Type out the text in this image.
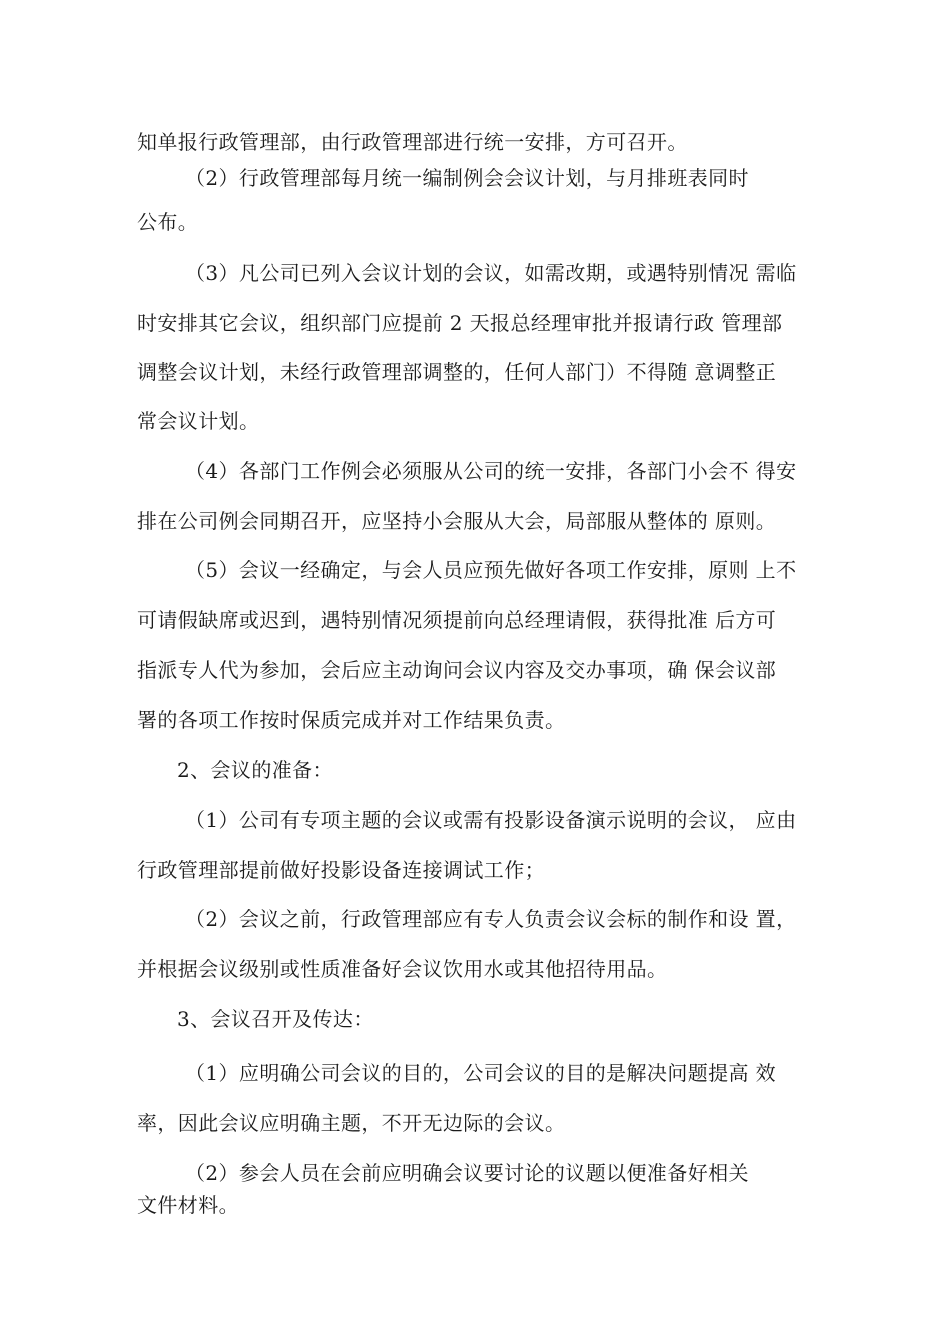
知单报行政管理部，由行政管理部进行统一安排，方可召开。
（2）行政管理部每月统一编制例会会议计划，与月排班表同时
公布。
（3）凡公司已列入会议计划的会议，如需改期，或遇特别情况 需临
时安排其它会议，组织部门应提前 2 天报总经理审批并报请行政 管理部
调整会议计划，未经行政管理部调整的，任何人部门）不得随 意调整正
常会议计划。
（4）各部门工作例会必须服从公司的统一安排，各部门小会不 得安
排在公司例会同期召开，应坚持小会服从大会，局部服从整体的 原则。
（5）会议一经确定，与会人员应预先做好各项工作安排，原则 上不
可请假缺席或迟到，遇特别情况须提前向总经理请假，获得批准 后方可
指派专人代为参加，会后应主动询问会议内容及交办事项，确 保会议部
署的各项工作按时保质完成并对工作结果负责。
2、会议的准备：
（1）公司有专项主题的会议或需有投影设备演示说明的会议， 应由
行政管理部提前做好投影设备连接调试工作；
（2）会议之前，行政管理部应有专人负责会议会标的制作和设 置，
并根据会议级别或性质准备好会议饮用水或其他招待用品。
3、会议召开及传达：
（1）应明确公司会议的目的，公司会议的目的是解决问题提高 效
率，因此会议应明确主题，不开无边际的会议。
（2）参会人员在会前应明确会议要讨论的议题以便准备好相关
文件材料。
